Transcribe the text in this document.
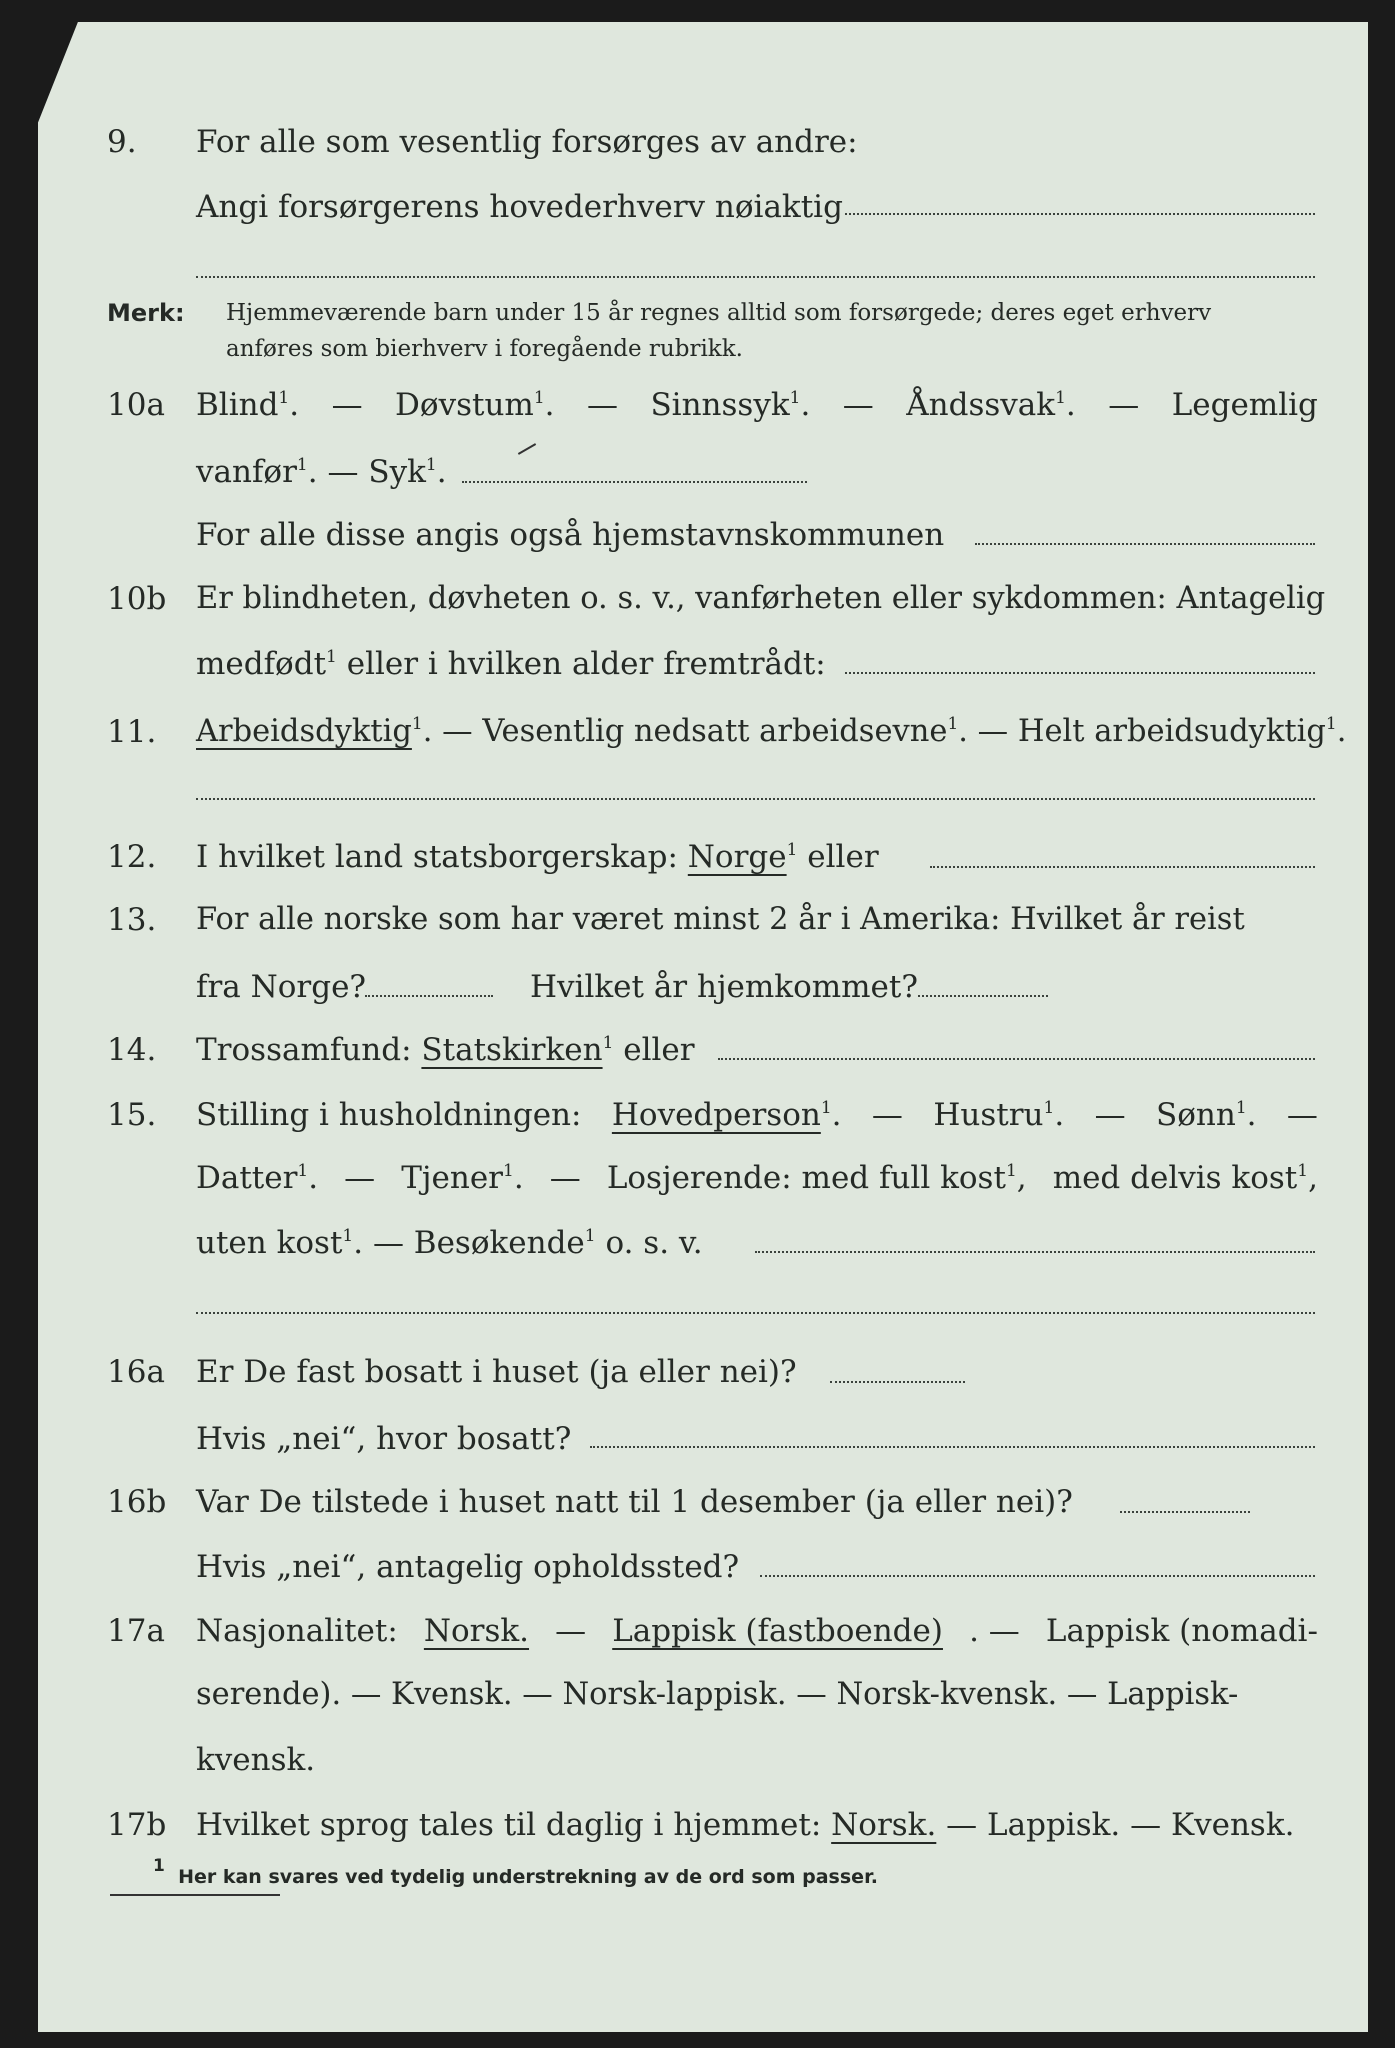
9. For alle som vesentlig forsørges av andre:
Angi forsørgerens hovederhverv nøiaktig
Merk: Hjemmeværende barn under 15 år regnes alltid som forsørgede; deres eget erhverv
anføres som bierhverv i foregående rubrikk.
10a Blind$^1$. — Døvstum$^1$. — Sinnssyk$^1$. — Åndssvak$^1$. — Legemlig
vanfør$^1$. — Syk$^1$.
For alle disse angis også hjemstavnskommunen
10b Er blindheten, døvheten o. s. v., vanførheten eller sykdommen: Antagelig
medfødt$^1$ eller i hvilken alder fremtrådt:
11. Arbeidsdyktig$^1$. — Vesentlig nedsatt arbeidsevne$^1$. — Helt arbeidsudyktig$^1$.
12. I hvilket land statsborgerskap: Norge$^1$ eller
13. For alle norske som har været minst 2 år i Amerika: Hvilket år reist
fra Norge?	Hvilket år hjemkommet?
14. Trossamfund: Statskirken$^1$ eller
15. Stilling i husholdningen: Hovedperson$^1$. — Hustru$^1$. — Sønn$^1$. —
Datter$^1$. — Tjener$^1$. — Losjerende: med full kost$^1$, med delvis kost$^1$,
uten kost$^1$. — Besøkende$^1$ o. s. v.
16a Er De fast bosatt i huset (ja eller nei)?
Hvis „nei“, hvor bosatt?
16b Var De tilstede i huset natt til 1 desember (ja eller nei)?
Hvis „nei“, antagelig opholdssted?
17a Nasjonalitet: Norsk. — Lappisk (fastboende) . — Lappisk (nomadi-
serende). — Kvensk. — Norsk-lappisk. — Norsk-kvensk. — Lappisk-
kvensk.
17b Hvilket sprog tales til daglig i hjemmet: Norsk. — Lappisk. — Kvensk.
$^1$ Her kan svares ved tydelig understrekning av de ord som passer.
